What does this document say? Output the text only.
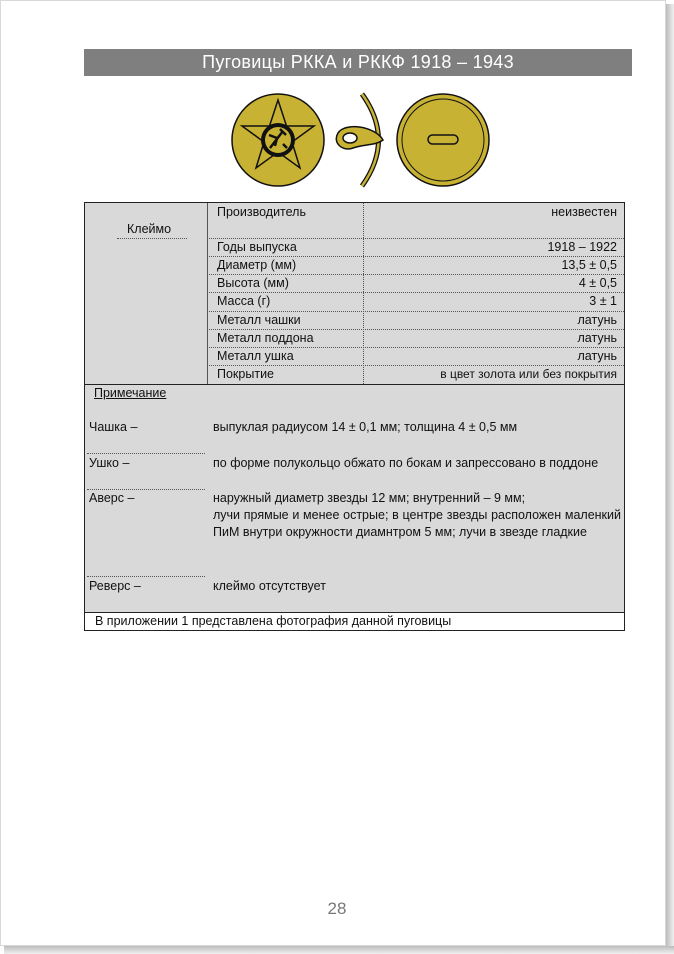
Пуговицы РККА и РККФ 1918 – 1943
Клеймо
Производитель	неизвестен
Годы выпуска	1918 – 1922
Диаметр (мм)	13,5 ± 0,5
Высота (мм)	4 ± 0,5
Масса (г)	3 ± 1
Металл чашки	латунь
Металл поддона	латунь
Металл ушка	латунь
Покрытие	в цвет золота или без покрытия
Примечание
Чашка –	выпуклая радиусом 14 ± 0,1 мм; толщина 4 ± 0,5 мм
Ушко –	по форме полукольцо обжато по бокам и запрессовано в поддоне
Аверс –	наружный диаметр звезды 12 мм; внутренний – 9 мм;
лучи прямые и менее острые; в центре звезды расположен маленкий ПиМ внутри окружности диамнтром 5 мм; лучи в звезде гладкие
Реверс –	клеймо отсутствует
В приложении 1 представлена фотография данной пуговицы
28
